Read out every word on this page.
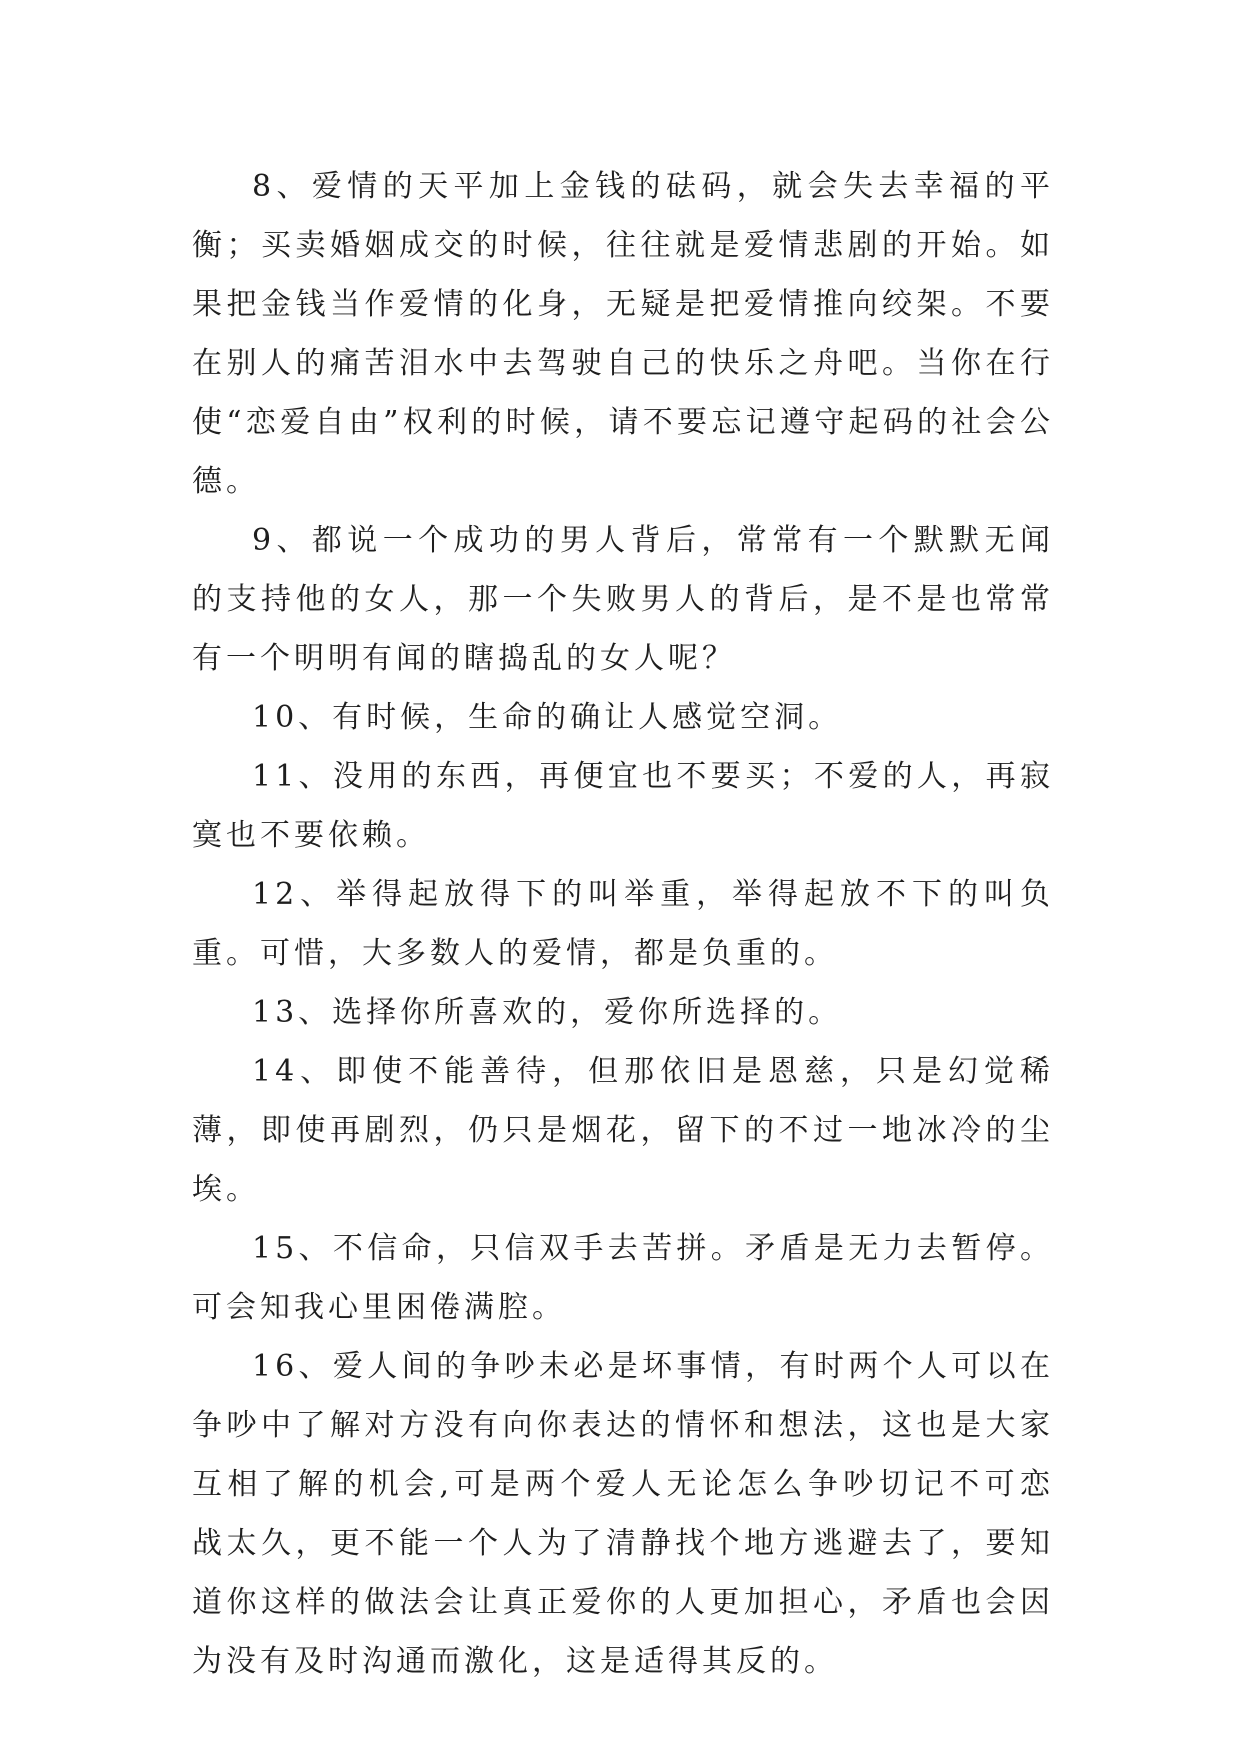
8、爱情的天平加上金钱的砝码，就会失去幸福的平衡；买卖婚姻成交的时候，往往就是爱情悲剧的开始。如果把金钱当作爱情的化身，无疑是把爱情推向绞架。不要在别人的痛苦泪水中去驾驶自己的快乐之舟吧。当你在行使“恋爱自由”权利的时候，请不要忘记遵守起码的社会公德。

9、都说一个成功的男人背后，常常有一个默默无闻的支持他的女人，那一个失败男人的背后，是不是也常常有一个明明有闻的瞎捣乱的女人呢？

10、有时候，生命的确让人感觉空洞。

11、没用的东西，再便宜也不要买；不爱的人，再寂寞也不要依赖。

12、举得起放得下的叫举重，举得起放不下的叫负重。可惜，大多数人的爱情，都是负重的。

13、选择你所喜欢的，爱你所选择的。

14、即使不能善待，但那依旧是恩慈，只是幻觉稀薄，即使再剧烈，仍只是烟花，留下的不过一地冰冷的尘埃。

15、不信命，只信双手去苦拼。矛盾是无力去暂停。可会知我心里困倦满腔。

16、爱人间的争吵未必是坏事情，有时两个人可以在争吵中了解对方没有向你表达的情怀和想法，这也是大家互相了解的机会,可是两个爱人无论怎么争吵切记不可恋战太久，更不能一个人为了清静找个地方逃避去了，要知道你这样的做法会让真正爱你的人更加担心，矛盾也会因为没有及时沟通而激化，这是适得其反的。
